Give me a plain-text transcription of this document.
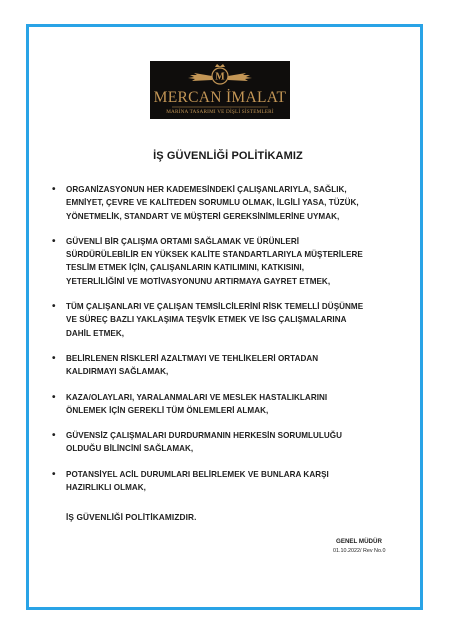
M
MERCAN İMALAT
MARİNA TASARIMI VE DİŞLİ SİSTEMLERİ
İŞ GÜVENLİĞİ POLİTİKAMIZ
• ORGANİZASYONUN HER KADEMESİNDEKİ ÇALIŞANLARIYLA, SAĞLIK,
EMNİYET, ÇEVRE VE KALİTEDEN SORUMLU OLMAK, İLGİLİ YASA, TÜZÜK,
YÖNETMELİK, STANDART VE MÜŞTERİ GEREKSİNİMLERİNE UYMAK,
• GÜVENLİ BİR ÇALIŞMA ORTAMI SAĞLAMAK VE ÜRÜNLERİ
SÜRDÜRÜLEBİLİR EN YÜKSEK KALİTE STANDARTLARIYLA MÜŞTERİLERE
TESLİM ETMEK İÇİN, ÇALIŞANLARIN KATILIMINI, KATKISINI,
YETERLİLİĞİNİ VE MOTİVASYONUNU ARTIRMAYA GAYRET ETMEK,
• TÜM ÇALIŞANLARI VE ÇALIŞAN TEMSİLCİLERİNİ RİSK TEMELLİ DÜŞÜNME
VE SÜREÇ BAZLI YAKLAŞIMA TEŞVİK ETMEK VE İSG ÇALIŞMALARINA
DAHİL ETMEK,
• BELİRLENEN RİSKLERİ AZALTMAYI VE TEHLİKELERİ ORTADAN
KALDIRMAYI SAĞLAMAK,
• KAZA/OLAYLARI, YARALANMALARI VE MESLEK HASTALIKLARINI
ÖNLEMEK İÇİN GEREKLİ TÜM ÖNLEMLERİ ALMAK,
• GÜVENSİZ ÇALIŞMALARI DURDURMANIN HERKESİN SORUMLULUĞU
OLDUĞU BİLİNCİNİ SAĞLAMAK,
• POTANSİYEL ACİL DURUMLARI BELİRLEMEK VE BUNLARA KARŞI
HAZIRLIKLI OLMAK,
İŞ GÜVENLİĞİ POLİTİKAMIZDIR.
GENEL MÜDÜR
01.10.2022/ Rev No.0
